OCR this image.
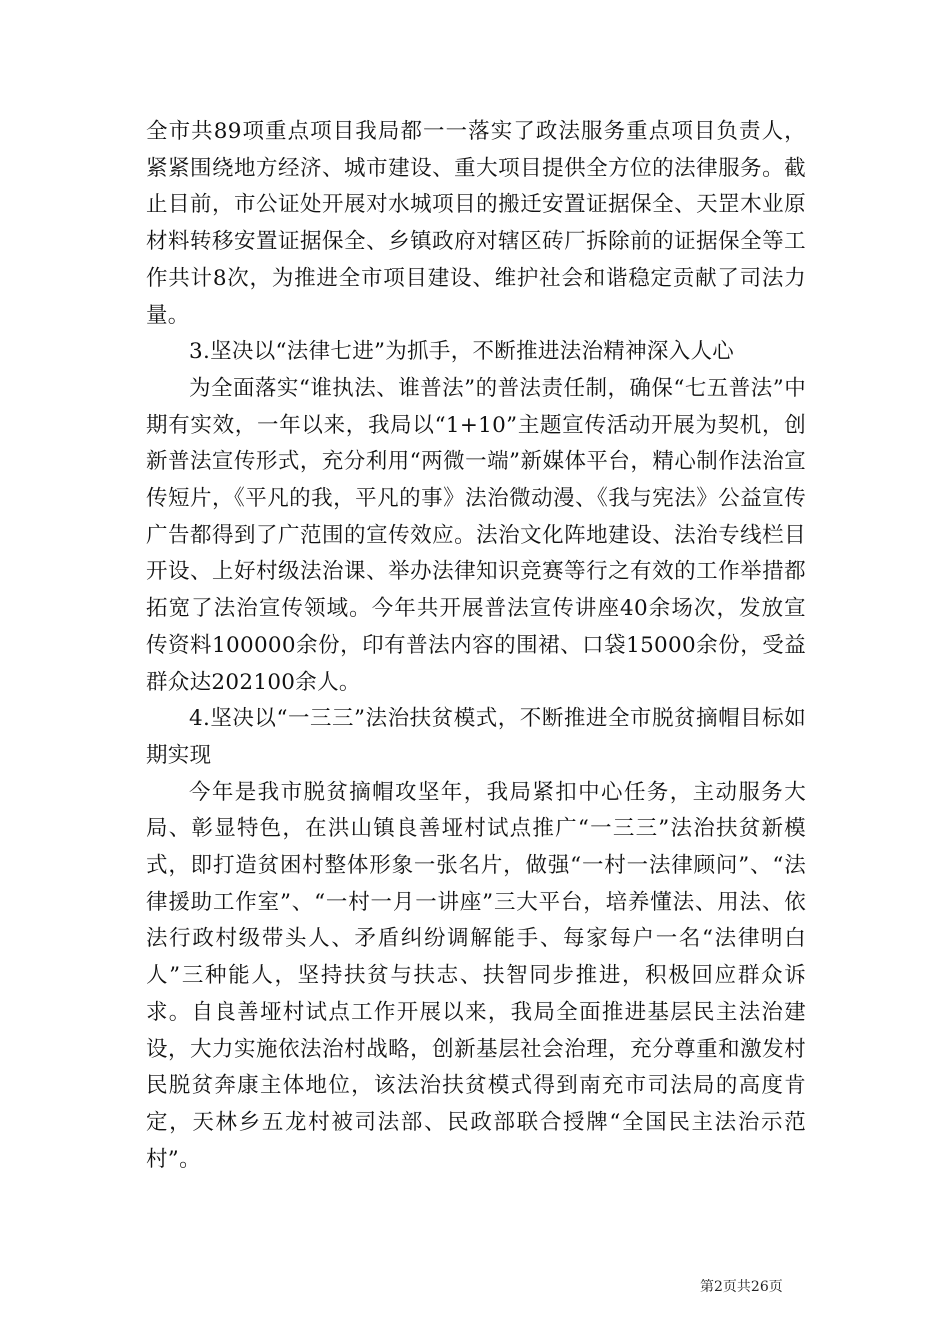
全市共89项重点项目我局都一一落实了政法服务重点项目负责人，紧紧围绕地方经济、城市建设、重大项目提供全方位的法律服务。截止目前，市公证处开展对水城项目的搬迁安置证据保全、天罡木业原材料转移安置证据保全、乡镇政府对辖区砖厂拆除前的证据保全等工作共计8次，为推进全市项目建设、维护社会和谐稳定贡献了司法力量。

3.坚决以“法律七进”为抓手，不断推进法治精神深入人心

为全面落实“谁执法、谁普法”的普法责任制，确保“七五普法”中期有实效，一年以来，我局以“1+10”主题宣传活动开展为契机，创新普法宣传形式，充分利用“两微一端”新媒体平台，精心制作法治宣传短片，《平凡的我，平凡的事》法治微动漫、《我与宪法》公益宣传广告都得到了广范围的宣传效应。法治文化阵地建设、法治专线栏目开设、上好村级法治课、举办法律知识竞赛等行之有效的工作举措都拓宽了法治宣传领域。今年共开展普法宣传讲座40余场次，发放宣传资料100000余份，印有普法内容的围裙、口袋15000余份，受益群众达202100余人。

4.坚决以“一三三”法治扶贫模式，不断推进全市脱贫摘帽目标如期实现

今年是我市脱贫摘帽攻坚年，我局紧扣中心任务，主动服务大局、彰显特色，在洪山镇良善垭村试点推广“一三三”法治扶贫新模式，即打造贫困村整体形象一张名片，做强“一村一法律顾问”、“法律援助工作室”、“一村一月一讲座”三大平台，培养懂法、用法、依法行政村级带头人、矛盾纠纷调解能手、每家每户一名“法律明白人”三种能人，坚持扶贫与扶志、扶智同步推进，积极回应群众诉求。自良善垭村试点工作开展以来，我局全面推进基层民主法治建设，大力实施依法治村战略，创新基层社会治理，充分尊重和激发村民脱贫奔康主体地位，该法治扶贫模式得到南充市司法局的高度肯定，天林乡五龙村被司法部、民政部联合授牌“全国民主法治示范村”。

第2页共26页
